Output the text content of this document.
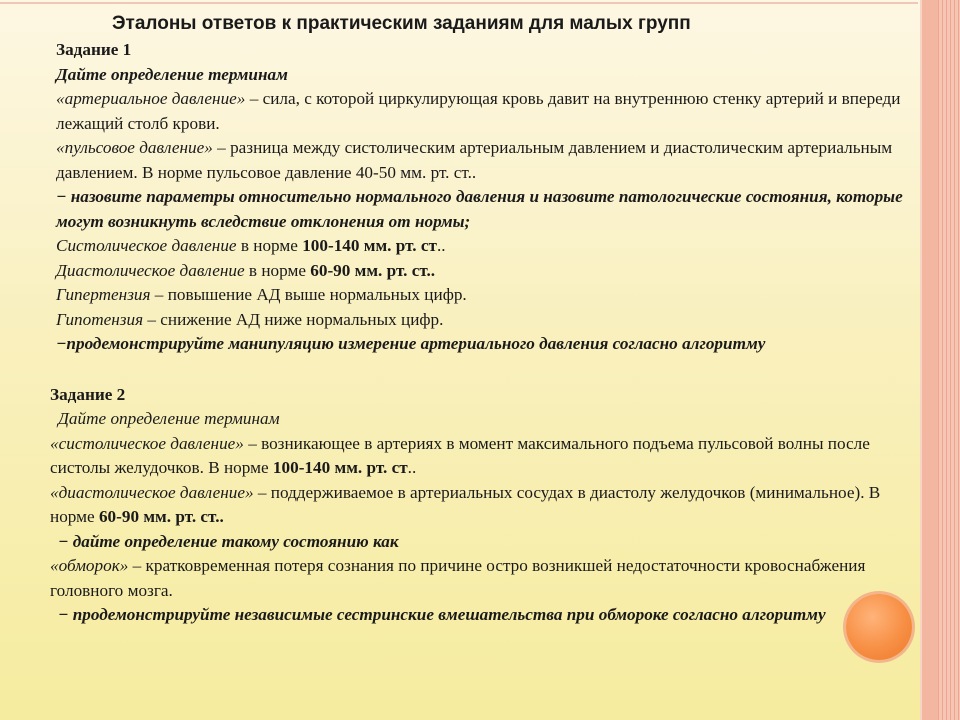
Эталоны ответов к практическим заданиям для малых групп

Задание 1

Дайте определение терминам

«артериальное давление» – сила, с которой циркулирующая кровь давит на внутреннюю стенку артерий и впереди лежащий столб крови.

«пульсовое давление» – разница между систолическим артериальным давлением и диастолическим артериальным давлением. В норме пульсовое давление 40-50 мм. рт. ст..

− назовите параметры относительно нормального давления и назовите патологические состояния, которые могут возникнуть вследствие отклонения от нормы;

Систолическое давление в норме 100-140 мм. рт. ст..

Диастолическое давление в норме 60-90 мм. рт. ст..

Гипертензия – повышение АД выше нормальных цифр.

Гипотензия – снижение АД ниже нормальных цифр.

−продемонстрируйте манипуляцию измерение артериального давления согласно алгоритму

Задание 2

Дайте определение терминам

«систолическое давление» – возникающее в артериях в момент максимального подъема пульсовой волны после систолы желудочков. В норме 100-140 мм. рт. ст..

«диастолическое давление» – поддерживаемое в артериальных сосудах в диастолу желудочков (минимальное). В норме 60-90 мм. рт. ст..

− дайте определение такому состоянию как

«обморок» – кратковременная потеря сознания по причине остро возникшей недостаточности кровоснабжения головного мозга.

− продемонстрируйте независимые сестринские вмешательства при обмороке согласно алгоритму
